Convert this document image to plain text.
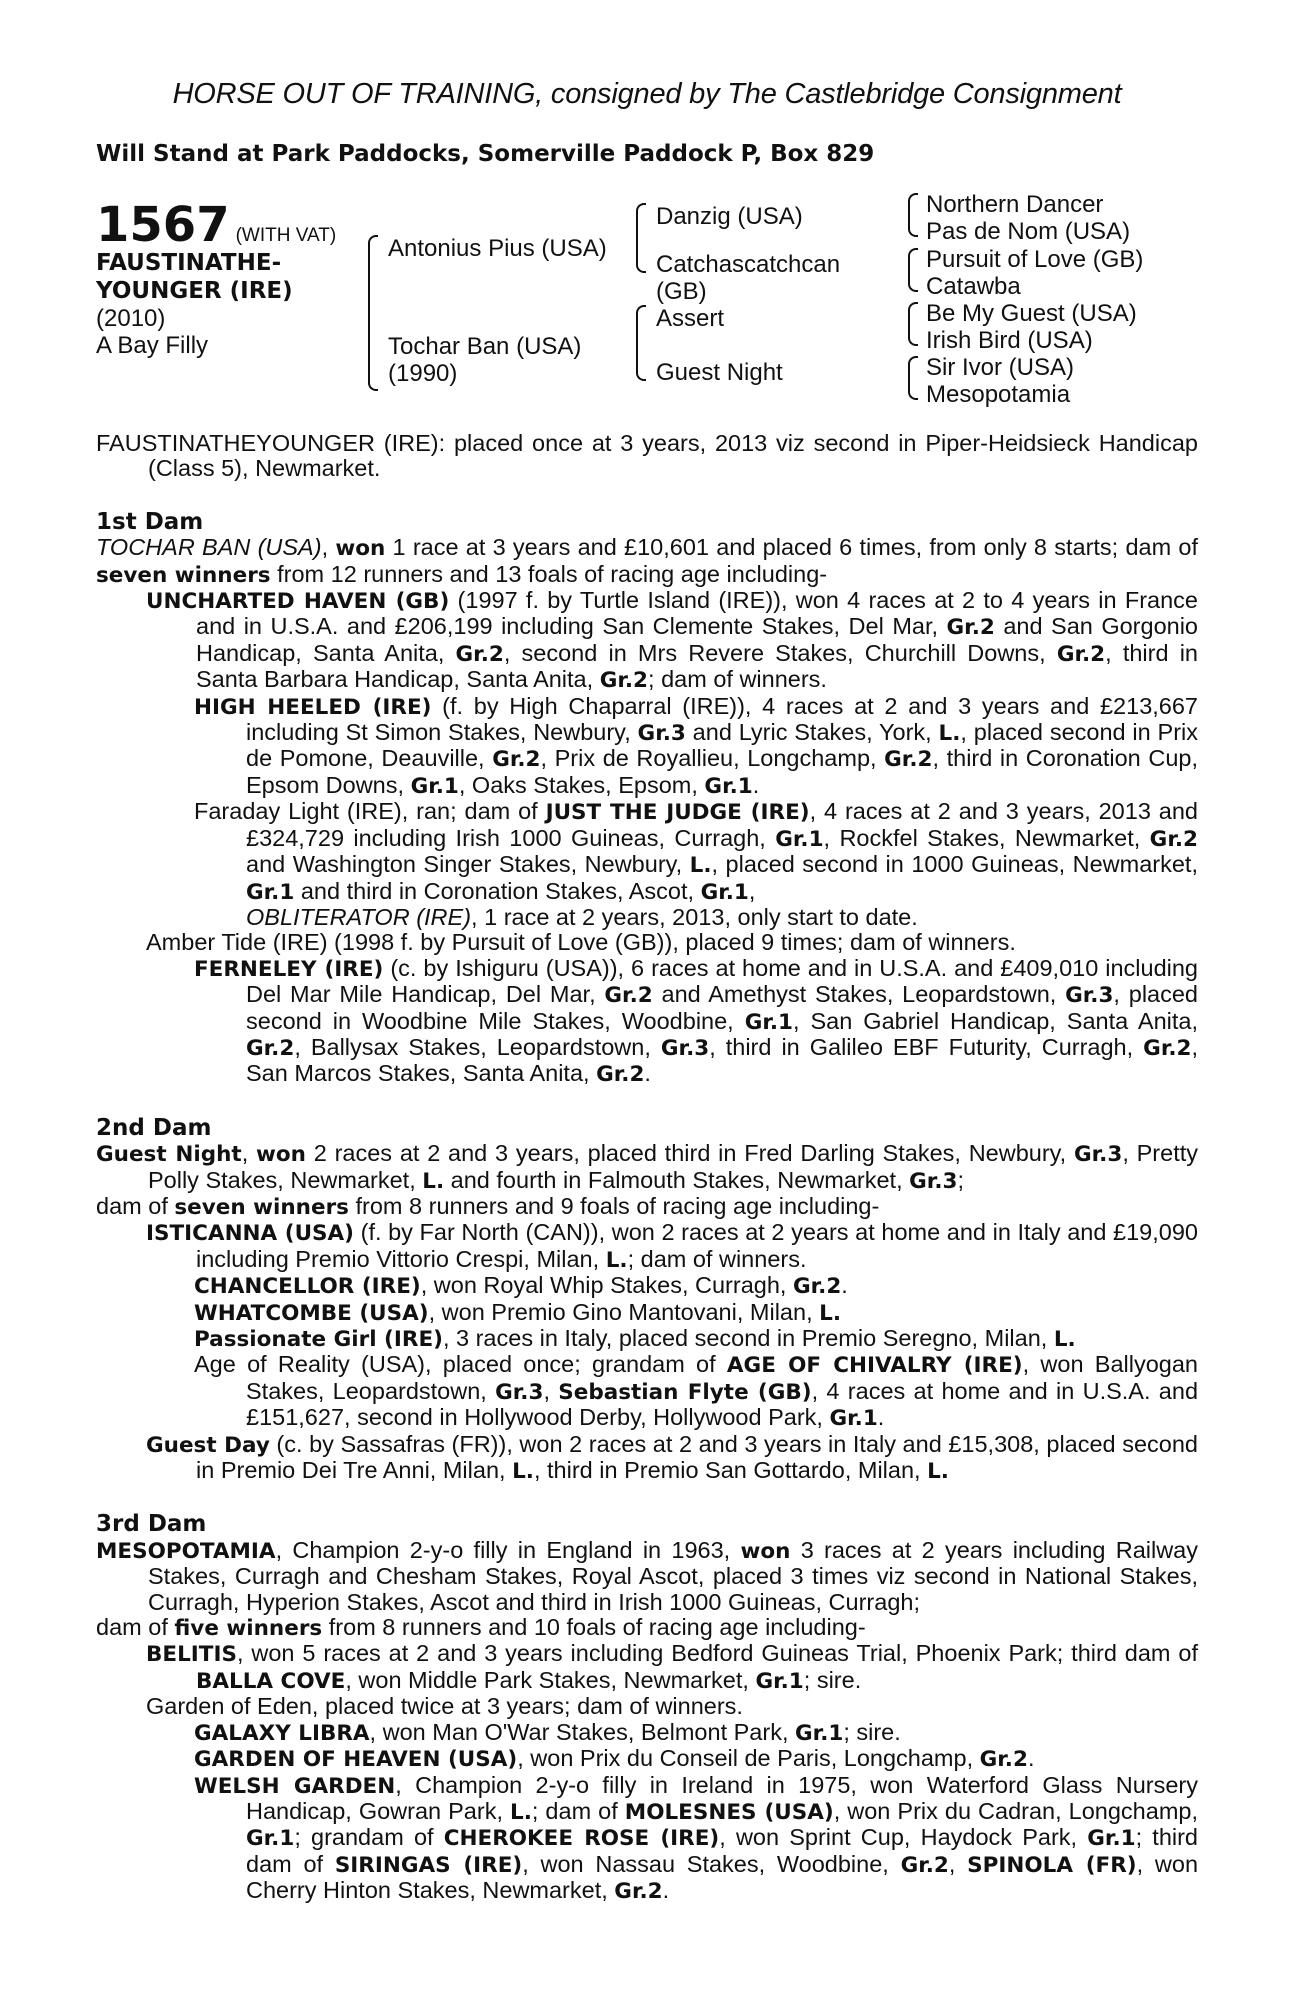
HORSE OUT OF TRAINING, consigned by The Castlebridge Consignment

Will Stand at Park Paddocks, Somerville Paddock P, Box 829
1567 (WITH VAT)
FAUSTINATHE-
YOUNGER (IRE)
(2010)
A Bay Filly
Antonius Pius (USA)
Tochar Ban (USA)
(1990)
Danzig (USA)
Catchascatchcan
(GB)
Assert
Guest Night
Northern Dancer
Pas de Nom (USA)
Pursuit of Love (GB)
Catawba
Be My Guest (USA)
Irish Bird (USA)
Sir Ivor (USA)
Mesopotamia

FAUSTINATHEYOUNGER (IRE): placed once at 3 years, 2013 viz second in Piper-Heidsieck Handicap (Class 5), Newmarket.

1st Dam

TOCHAR BAN (USA), won 1 race at 3 years and £10,601 and placed 6 times, from only 8 starts; dam of seven winners from 12 runners and 13 foals of racing age including-

UNCHARTED HAVEN (GB) (1997 f. by Turtle Island (IRE)), won 4 races at 2 to 4 years in France and in U.S.A. and £206,199 including San Clemente Stakes, Del Mar, Gr.2 and San Gorgonio Handicap, Santa Anita, Gr.2, second in Mrs Revere Stakes, Churchill Downs, Gr.2, third in Santa Barbara Handicap, Santa Anita, Gr.2; dam of winners.

HIGH HEELED (IRE) (f. by High Chaparral (IRE)), 4 races at 2 and 3 years and £213,667 including St Simon Stakes, Newbury, Gr.3 and Lyric Stakes, York, L., placed second in Prix de Pomone, Deauville, Gr.2, Prix de Royallieu, Longchamp, Gr.2, third in Coronation Cup, Epsom Downs, Gr.1, Oaks Stakes, Epsom, Gr.1.

Faraday Light (IRE), ran; dam of JUST THE JUDGE (IRE), 4 races at 2 and 3 years, 2013 and £324,729 including Irish 1000 Guineas, Curragh, Gr.1, Rockfel Stakes, Newmarket, Gr.2 and Washington Singer Stakes, Newbury, L., placed second in 1000 Guineas, Newmarket, Gr.1 and third in Coronation Stakes, Ascot, Gr.1,
OBLITERATOR (IRE), 1 race at 2 years, 2013, only start to date.

Amber Tide (IRE) (1998 f. by Pursuit of Love (GB)), placed 9 times; dam of winners.

FERNELEY (IRE) (c. by Ishiguru (USA)), 6 races at home and in U.S.A. and £409,010 including Del Mar Mile Handicap, Del Mar, Gr.2 and Amethyst Stakes, Leopardstown, Gr.3, placed second in Woodbine Mile Stakes, Woodbine, Gr.1, San Gabriel Handicap, Santa Anita, Gr.2, Ballysax Stakes, Leopardstown, Gr.3, third in Galileo EBF Futurity, Curragh, Gr.2, San Marcos Stakes, Santa Anita, Gr.2.

2nd Dam

Guest Night, won 2 races at 2 and 3 years, placed third in Fred Darling Stakes, Newbury, Gr.3, Pretty Polly Stakes, Newmarket, L. and fourth in Falmouth Stakes, Newmarket, Gr.3;

dam of seven winners from 8 runners and 9 foals of racing age including-

ISTICANNA (USA) (f. by Far North (CAN)), won 2 races at 2 years at home and in Italy and £19,090 including Premio Vittorio Crespi, Milan, L.; dam of winners.

CHANCELLOR (IRE), won Royal Whip Stakes, Curragh, Gr.2.

WHATCOMBE (USA), won Premio Gino Mantovani, Milan, L.

Passionate Girl (IRE), 3 races in Italy, placed second in Premio Seregno, Milan, L.

Age of Reality (USA), placed once; grandam of AGE OF CHIVALRY (IRE), won Ballyogan Stakes, Leopardstown, Gr.3, Sebastian Flyte (GB), 4 races at home and in U.S.A. and £151,627, second in Hollywood Derby, Hollywood Park, Gr.1.

Guest Day (c. by Sassafras (FR)), won 2 races at 2 and 3 years in Italy and £15,308, placed second in Premio Dei Tre Anni, Milan, L., third in Premio San Gottardo, Milan, L.

3rd Dam

MESOPOTAMIA, Champion 2-y-o filly in England in 1963, won 3 races at 2 years including Railway Stakes, Curragh and Chesham Stakes, Royal Ascot, placed 3 times viz second in National Stakes, Curragh, Hyperion Stakes, Ascot and third in Irish 1000 Guineas, Curragh;

dam of five winners from 8 runners and 10 foals of racing age including-

BELITIS, won 5 races at 2 and 3 years including Bedford Guineas Trial, Phoenix Park; third dam of BALLA COVE, won Middle Park Stakes, Newmarket, Gr.1; sire.

Garden of Eden, placed twice at 3 years; dam of winners.

GALAXY LIBRA, won Man O'War Stakes, Belmont Park, Gr.1; sire.

GARDEN OF HEAVEN (USA), won Prix du Conseil de Paris, Longchamp, Gr.2.

WELSH GARDEN, Champion 2-y-o filly in Ireland in 1975, won Waterford Glass Nursery Handicap, Gowran Park, L.; dam of MOLESNES (USA), won Prix du Cadran, Longchamp, Gr.1; grandam of CHEROKEE ROSE (IRE), won Sprint Cup, Haydock Park, Gr.1; third dam of SIRINGAS (IRE), won Nassau Stakes, Woodbine, Gr.2, SPINOLA (FR), won Cherry Hinton Stakes, Newmarket, Gr.2.
